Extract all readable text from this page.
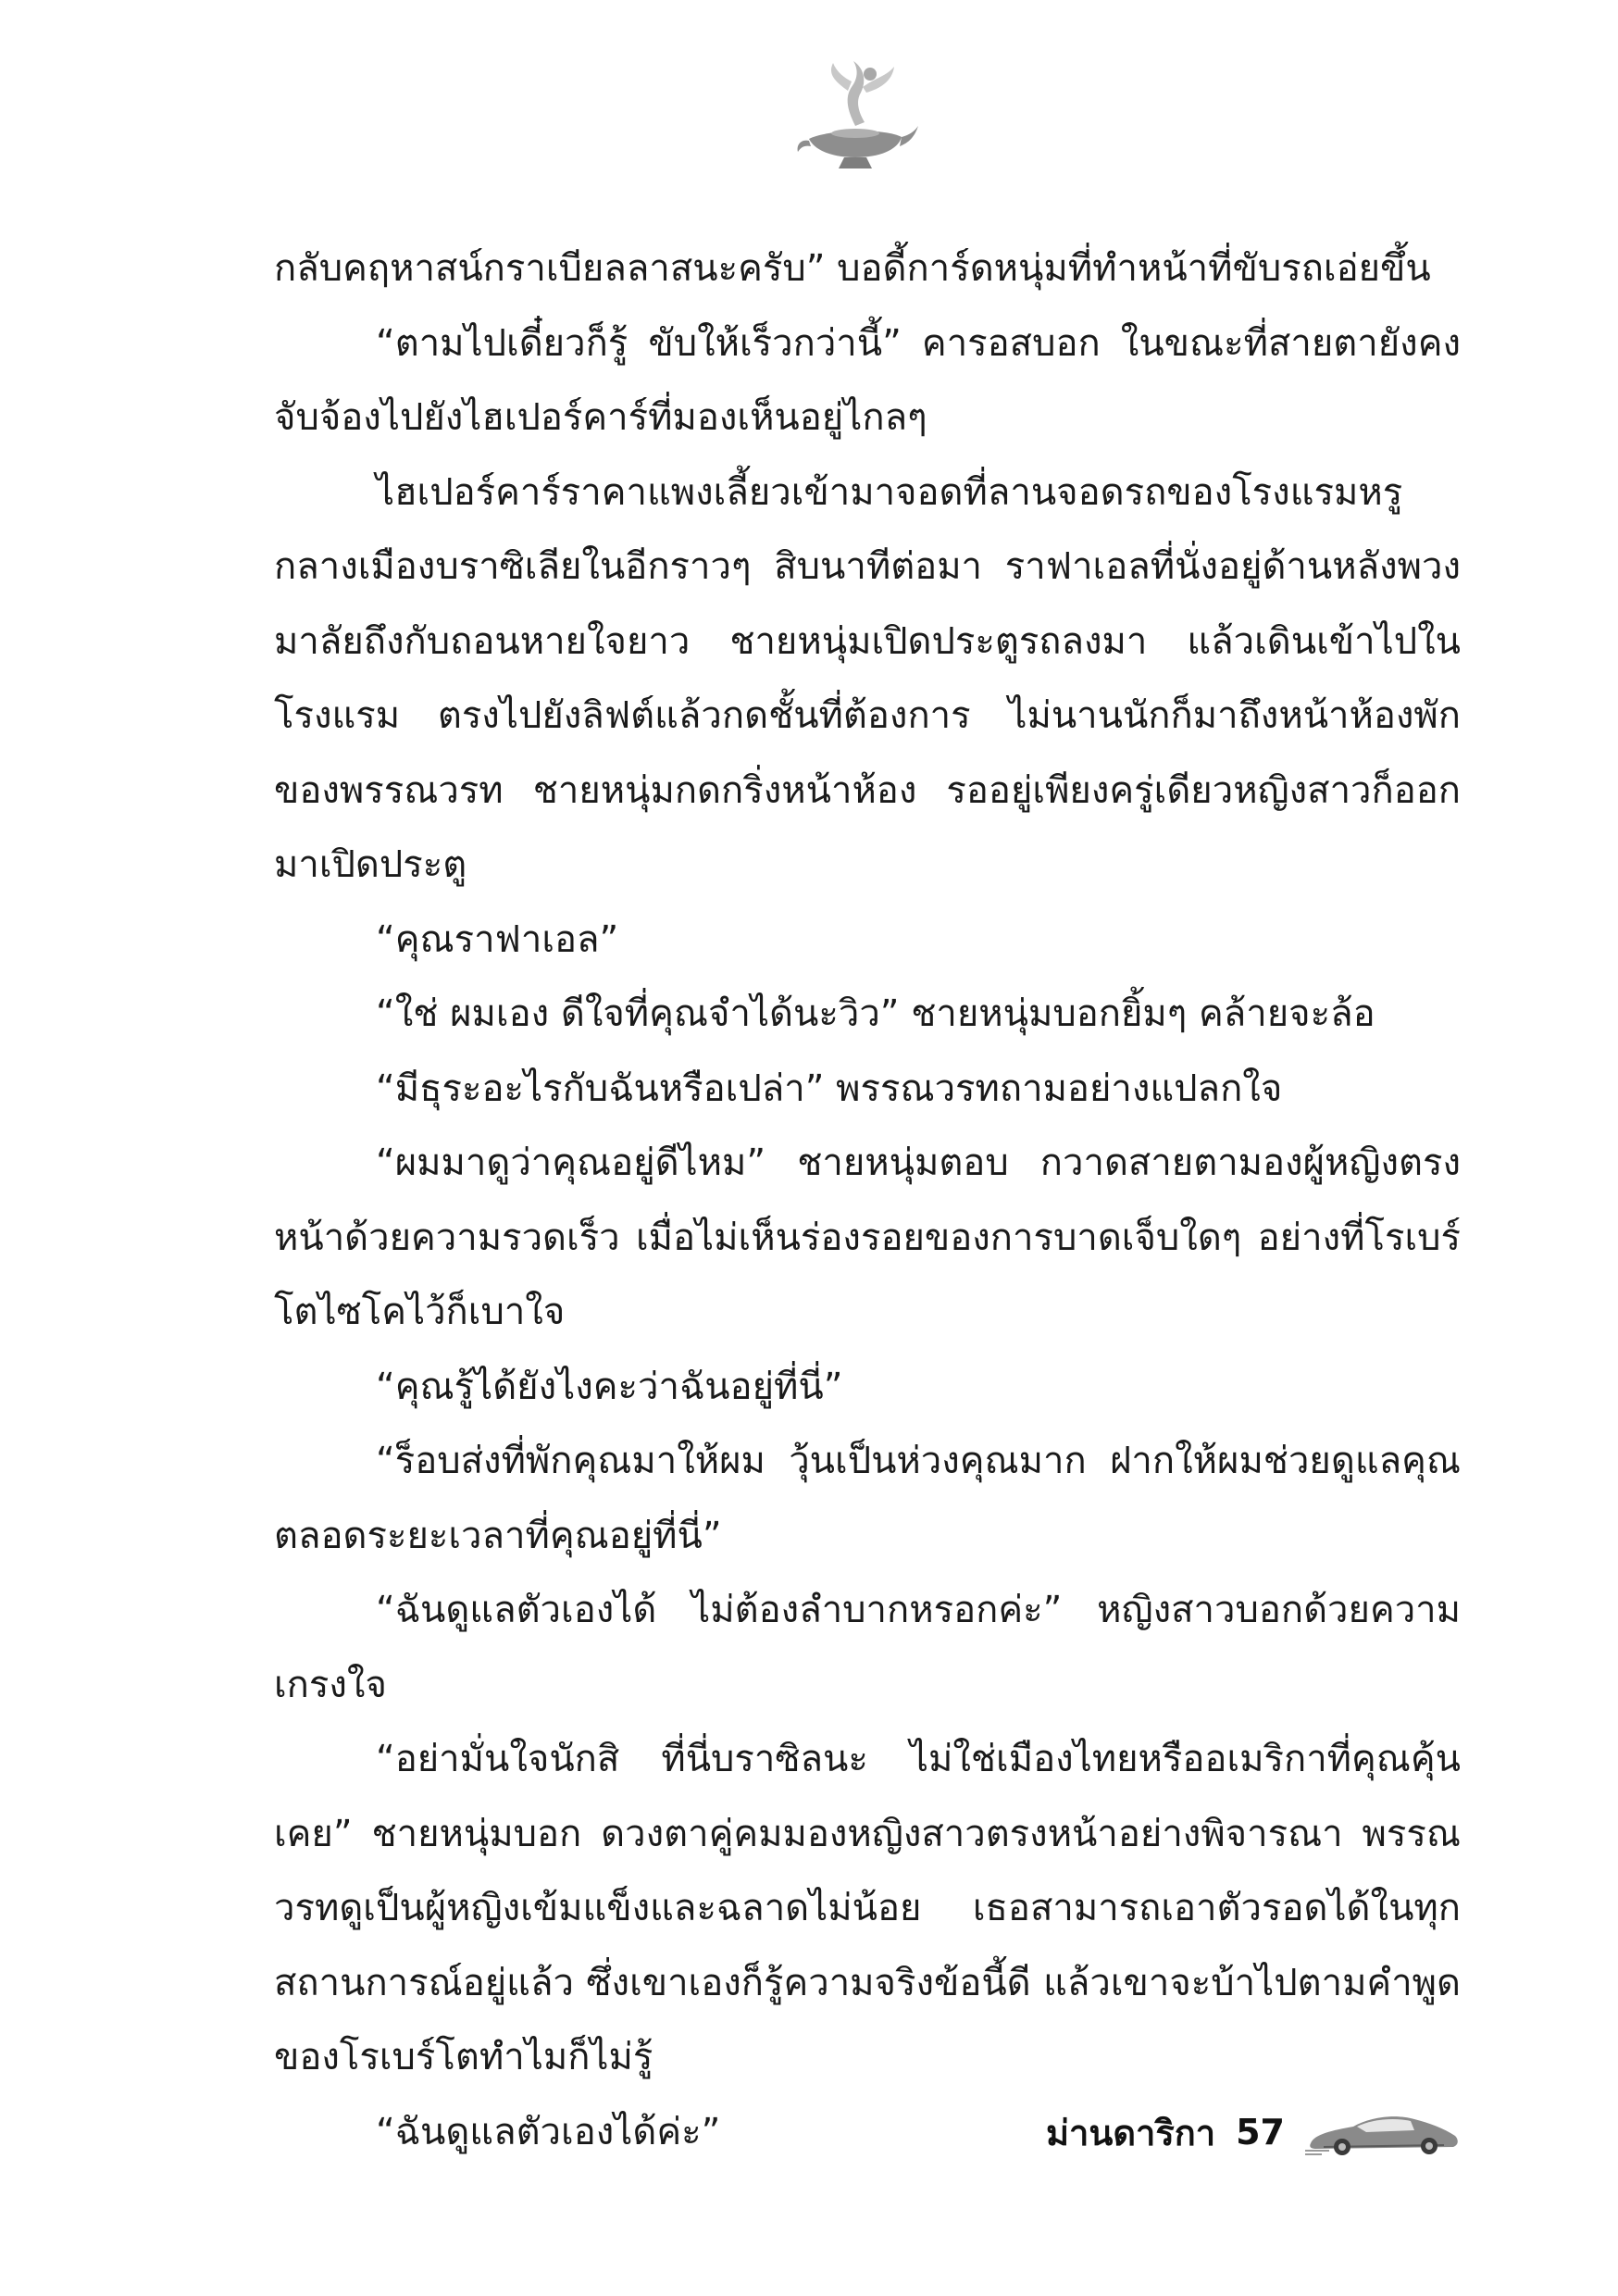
กลับคฤหาสน์กราเบียลลาสนะครับ” บอดี้การ์ดหนุ่มที่ทำหน้าที่ขับรถเอ่ยขึ้น

“ตามไปเดี๋ยวก็รู้ ขับให้เร็วกว่านี้” คารอสบอก ในขณะที่สายตายังคงจับจ้องไปยังไฮเปอร์คาร์ที่มองเห็นอยู่ไกลๆ

ไฮเปอร์คาร์ราคาแพงเลี้ยวเข้ามาจอดที่ลานจอดรถของโรงแรมหรูกลางเมืองบราซิเลียในอีกราวๆ สิบนาทีต่อมา ราฟาเอลที่นั่งอยู่ด้านหลังพวงมาลัยถึงกับถอนหายใจยาว ชายหนุ่มเปิดประตูรถลงมา แล้วเดินเข้าไปในโรงแรม ตรงไปยังลิฟต์แล้วกดชั้นที่ต้องการ ไม่นานนักก็มาถึงหน้าห้องพักของพรรณวรท ชายหนุ่มกดกริ่งหน้าห้อง รออยู่เพียงครู่เดียวหญิงสาวก็ออกมาเปิดประตู

“คุณราฟาเอล”

“ใช่ ผมเอง ดีใจที่คุณจำได้นะวิว” ชายหนุ่มบอกยิ้มๆ คล้ายจะล้อ

“มีธุระอะไรกับฉันหรือเปล่า” พรรณวรทถามอย่างแปลกใจ

“ผมมาดูว่าคุณอยู่ดีไหม” ชายหนุ่มตอบ กวาดสายตามองผู้หญิงตรงหน้าด้วยความรวดเร็ว เมื่อไม่เห็นร่องรอยของการบาดเจ็บใดๆ อย่างที่โรเบร์โตไซโคไว้ก็เบาใจ

“คุณรู้ได้ยังไงคะว่าฉันอยู่ที่นี่”

“ร็อบส่งที่พักคุณมาให้ผม วุ้นเป็นห่วงคุณมาก ฝากให้ผมช่วยดูแลคุณตลอดระยะเวลาที่คุณอยู่ที่นี่”

“ฉันดูแลตัวเองได้ ไม่ต้องลำบากหรอกค่ะ” หญิงสาวบอกด้วยความเกรงใจ

“อย่ามั่นใจนักสิ ที่นี่บราซิลนะ ไม่ใช่เมืองไทยหรืออเมริกาที่คุณคุ้นเคย” ชายหนุ่มบอก ดวงตาคู่คมมองหญิงสาวตรงหน้าอย่างพิจารณา พรรณวรทดูเป็นผู้หญิงเข้มแข็งและฉลาดไม่น้อย เธอสามารถเอาตัวรอดได้ในทุกสถานการณ์อยู่แล้ว ซึ่งเขาเองก็รู้ความจริงข้อนี้ดี แล้วเขาจะบ้าไปตามคำพูดของโรเบร์โตทำไมก็ไม่รู้

“ฉันดูแลตัวเองได้ค่ะ”	ม่านดาริกา 57
